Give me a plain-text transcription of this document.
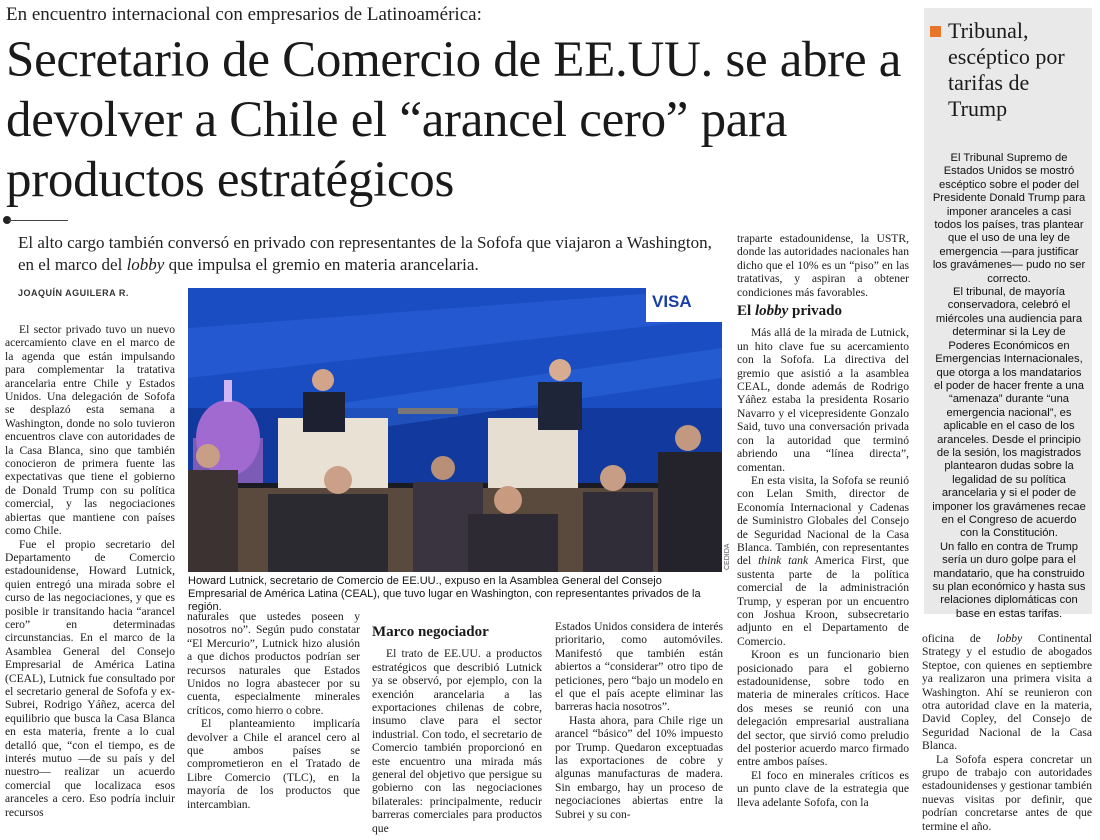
En encuentro internacional con empresarios de Latinoamérica:
Secretario de Comercio de EE.UU. se abre a devolver a Chile el “arancel cero” para productos estratégicos
El alto cargo también conversó en privado con representantes de la Sofofa que viajaron a Washington, en el marco del lobby que impulsa el gremio en materia arancelaria.
JOAQUÍN AGUILERA R.

El sector privado tuvo un nuevo acercamiento clave en el marco de la agenda que están impulsando para complementar la tratativa arancelaria entre Chile y Estados Unidos. Una delegación de Sofofa se desplazó esta semana a Washington, donde no solo tuvieron encuentros clave con autoridades de la Casa Blanca, sino que también conocieron de primera fuente las expectativas que tiene el gobierno de Donald Trump con su política comercial, y las negociaciones abiertas que mantiene con países como Chile.

Fue el propio secretario del Departamento de Comercio estadounidense, Howard Lutnick, quien entregó una mirada sobre el curso de las negociaciones, y que es posible ir transitando hacia “arancel cero” en determinadas circunstancias. En el marco de la Asamblea General del Consejo Empresarial de América Latina (CEAL), Lutnick fue consultado por el secretario general de Sofofa y ex-Subrei, Rodrigo Yáñez, acerca del equilibrio que busca la Casa Blanca en esta materia, frente a lo cual detalló que, “con el tiempo, es de interés mutuo —de su país y del nuestro— realizar un acuerdo comercial que localizaca esos aranceles a cero. Eso podría incluir recursos

VISA
CEDIDA
Howard Lutnick, secretario de Comercio de EE.UU., expuso en la Asamblea General del Consejo Empresarial de América Latina (CEAL), que tuvo lugar en Washington, con representantes privados de la región.

naturales que ustedes poseen y nosotros no”. Según pudo constatar “El Mercurio”, Lutnick hizo alusión a que dichos productos podrían ser recursos naturales que Estados Unidos no logra abastecer por su cuenta, especialmente minerales críticos, como hierro o cobre.

El planteamiento implicaría devolver a Chile el arancel cero al que ambos países se comprometieron en el Tratado de Libre Comercio (TLC), en la mayoría de los productos que intercambian.

Marco negociador

El trato de EE.UU. a productos estratégicos que describió Lutnick ya se observó, por ejemplo, con la exención arancelaria a las exportaciones chilenas de cobre, insumo clave para el sector industrial. Con todo, el secretario de Comercio también proporcionó en este encuentro una mirada más general del objetivo que persigue su gobierno con las negociaciones bilaterales: principalmente, reducir barreras comerciales para productos que

Estados Unidos considera de interés prioritario, como automóviles. Manifestó que también están abiertos a “considerar” otro tipo de peticiones, pero “bajo un modelo en el que el país acepte eliminar las barreras hacia nosotros”.

Hasta ahora, para Chile rige un arancel “básico” del 10% impuesto por Trump. Quedaron exceptuadas las exportaciones de cobre y algunas manufacturas de madera. Sin embargo, hay un proceso de negociaciones abiertas entre la Subrei y su con-

traparte estadounidense, la USTR, donde las autoridades nacionales han dicho que el 10% es un “piso” en las tratativas, y aspiran a obtener condiciones más favorables.

El lobby privado

Más allá de la mirada de Lutnick, un hito clave fue su acercamiento con la Sofofa. La directiva del gremio que asistió a la asamblea CEAL, donde además de Rodrigo Yáñez estaba la presidenta Rosario Navarro y el vicepresidente Gonzalo Said, tuvo una conversación privada con la autoridad que terminó abriendo una “línea directa”, comentan.

En esta visita, la Sofofa se reunió con Lelan Smith, director de Economía Internacional y Cadenas de Suministro Globales del Consejo de Seguridad Nacional de la Casa Blanca. También, con representantes del think tank America First, que sustenta parte de la política comercial de la administración Trump, y esperan por un encuentro con Joshua Kroon, subsecretario adjunto en el Departamento de Comercio.

Kroon es un funcionario bien posicionado para el gobierno estadounidense, sobre todo en materia de minerales críticos. Hace dos meses se reunió con una delegación empresarial australiana del sector, que sirvió como preludio del posterior acuerdo marco firmado entre ambos países.

El foco en minerales críticos es un punto clave de la estrategia que lleva adelante Sofofa, con la

Tribunal, escéptico por tarifas de Trump

El Tribunal Supremo de Estados Unidos se mostró escéptico sobre el poder del Presidente Donald Trump para imponer aranceles a casi todos los países, tras plantear que el uso de una ley de emergencia —para justificar los gravámenes— pudo no ser correcto.

El tribunal, de mayoría conservadora, celebró el miércoles una audiencia para determinar si la Ley de Poderes Económicos en Emergencias Internacionales, que otorga a los mandatarios el poder de hacer frente a una “amenaza” durante “una emergencia nacional”, es aplicable en el caso de los aranceles. Desde el principio de la sesión, los magistrados plantearon dudas sobre la legalidad de su política arancelaria y si el poder de imponer los gravámenes recae en el Congreso de acuerdo con la Constitución.

Un fallo en contra de Trump sería un duro golpe para el mandatario, que ha construido su plan económico y hasta sus relaciones diplomáticas con base en estas tarifas.

oficina de lobby Continental Strategy y el estudio de abogados Steptoe, con quienes en septiembre ya realizaron una primera visita a Washington. Ahí se reunieron con otra autoridad clave en la materia, David Copley, del Consejo de Seguridad Nacional de la Casa Blanca.

La Sofofa espera concretar un grupo de trabajo con autoridades estadounidenses y gestionar también nuevas visitas por definir, que podrían concretarse antes de que termine el año.
